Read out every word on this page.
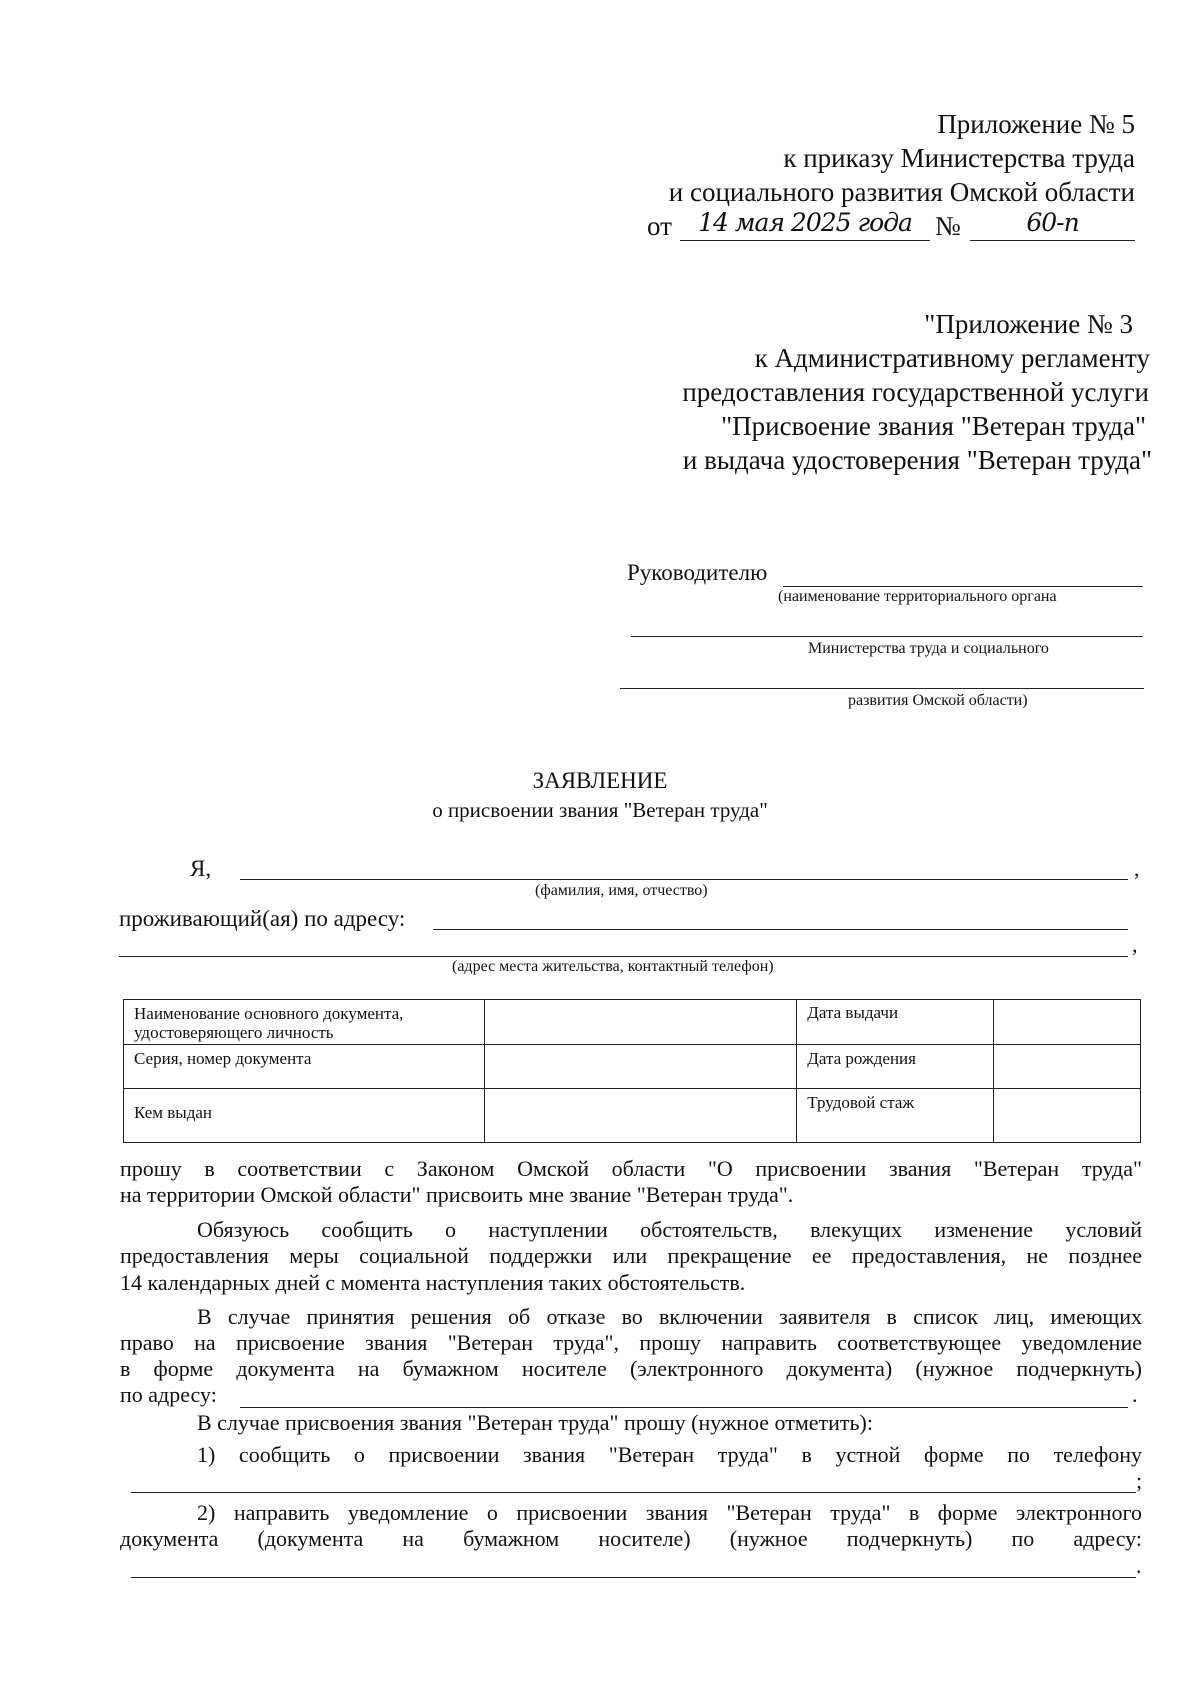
Приложение № 5
к приказу Министерства труда
и социального развития Омской области
от	14 мая 2025 года №	60-п
"Приложение № 3
к Административному регламенту
предоставления государственной услуги
"Присвоение звания "Ветеран труда"
и выдача удостоверения "Ветеран труда"
Руководителю
(наименование территориального органа
Министерства труда и социального
развития Омской области)
ЗАЯВЛЕНИЕ
о присвоении звания "Ветеран труда"
Я,	,
(фамилия, имя, отчество)
проживающий(ая) по адресу:
,
(адрес места жительства, контактный телефон)
Наименование основного документа, удостоверяющего личность		Дата выдачи	
Серия, номер документа		Дата рождения	
Кем выдан		Трудовой стаж	
прошу в соответствии с Законом Омской области "О присвоении звания "Ветеран труда"
на территории Омской области" присвоить мне звание "Ветеран труда".
Обязуюсь сообщить о наступлении обстоятельств, влекущих изменение условий
предоставления меры социальной поддержки или прекращение ее предоставления, не позднее
14 календарных дней с момента наступления таких обстоятельств.
В случае принятия решения об отказе во включении заявителя в список лиц, имеющих
право на присвоение звания "Ветеран труда", прошу направить соответствующее уведомление
в форме документа на бумажном носителе (электронного документа) (нужное подчеркнуть)
по адресу:	.
В случае присвоения звания "Ветеран труда" прошу (нужное отметить):
1) сообщить о присвоении звания "Ветеран труда" в устной форме по телефону
;
2) направить уведомление о присвоении звания "Ветеран труда" в форме электронного
документа (документа на бумажном носителе) (нужное подчеркнуть) по адресу:
.
